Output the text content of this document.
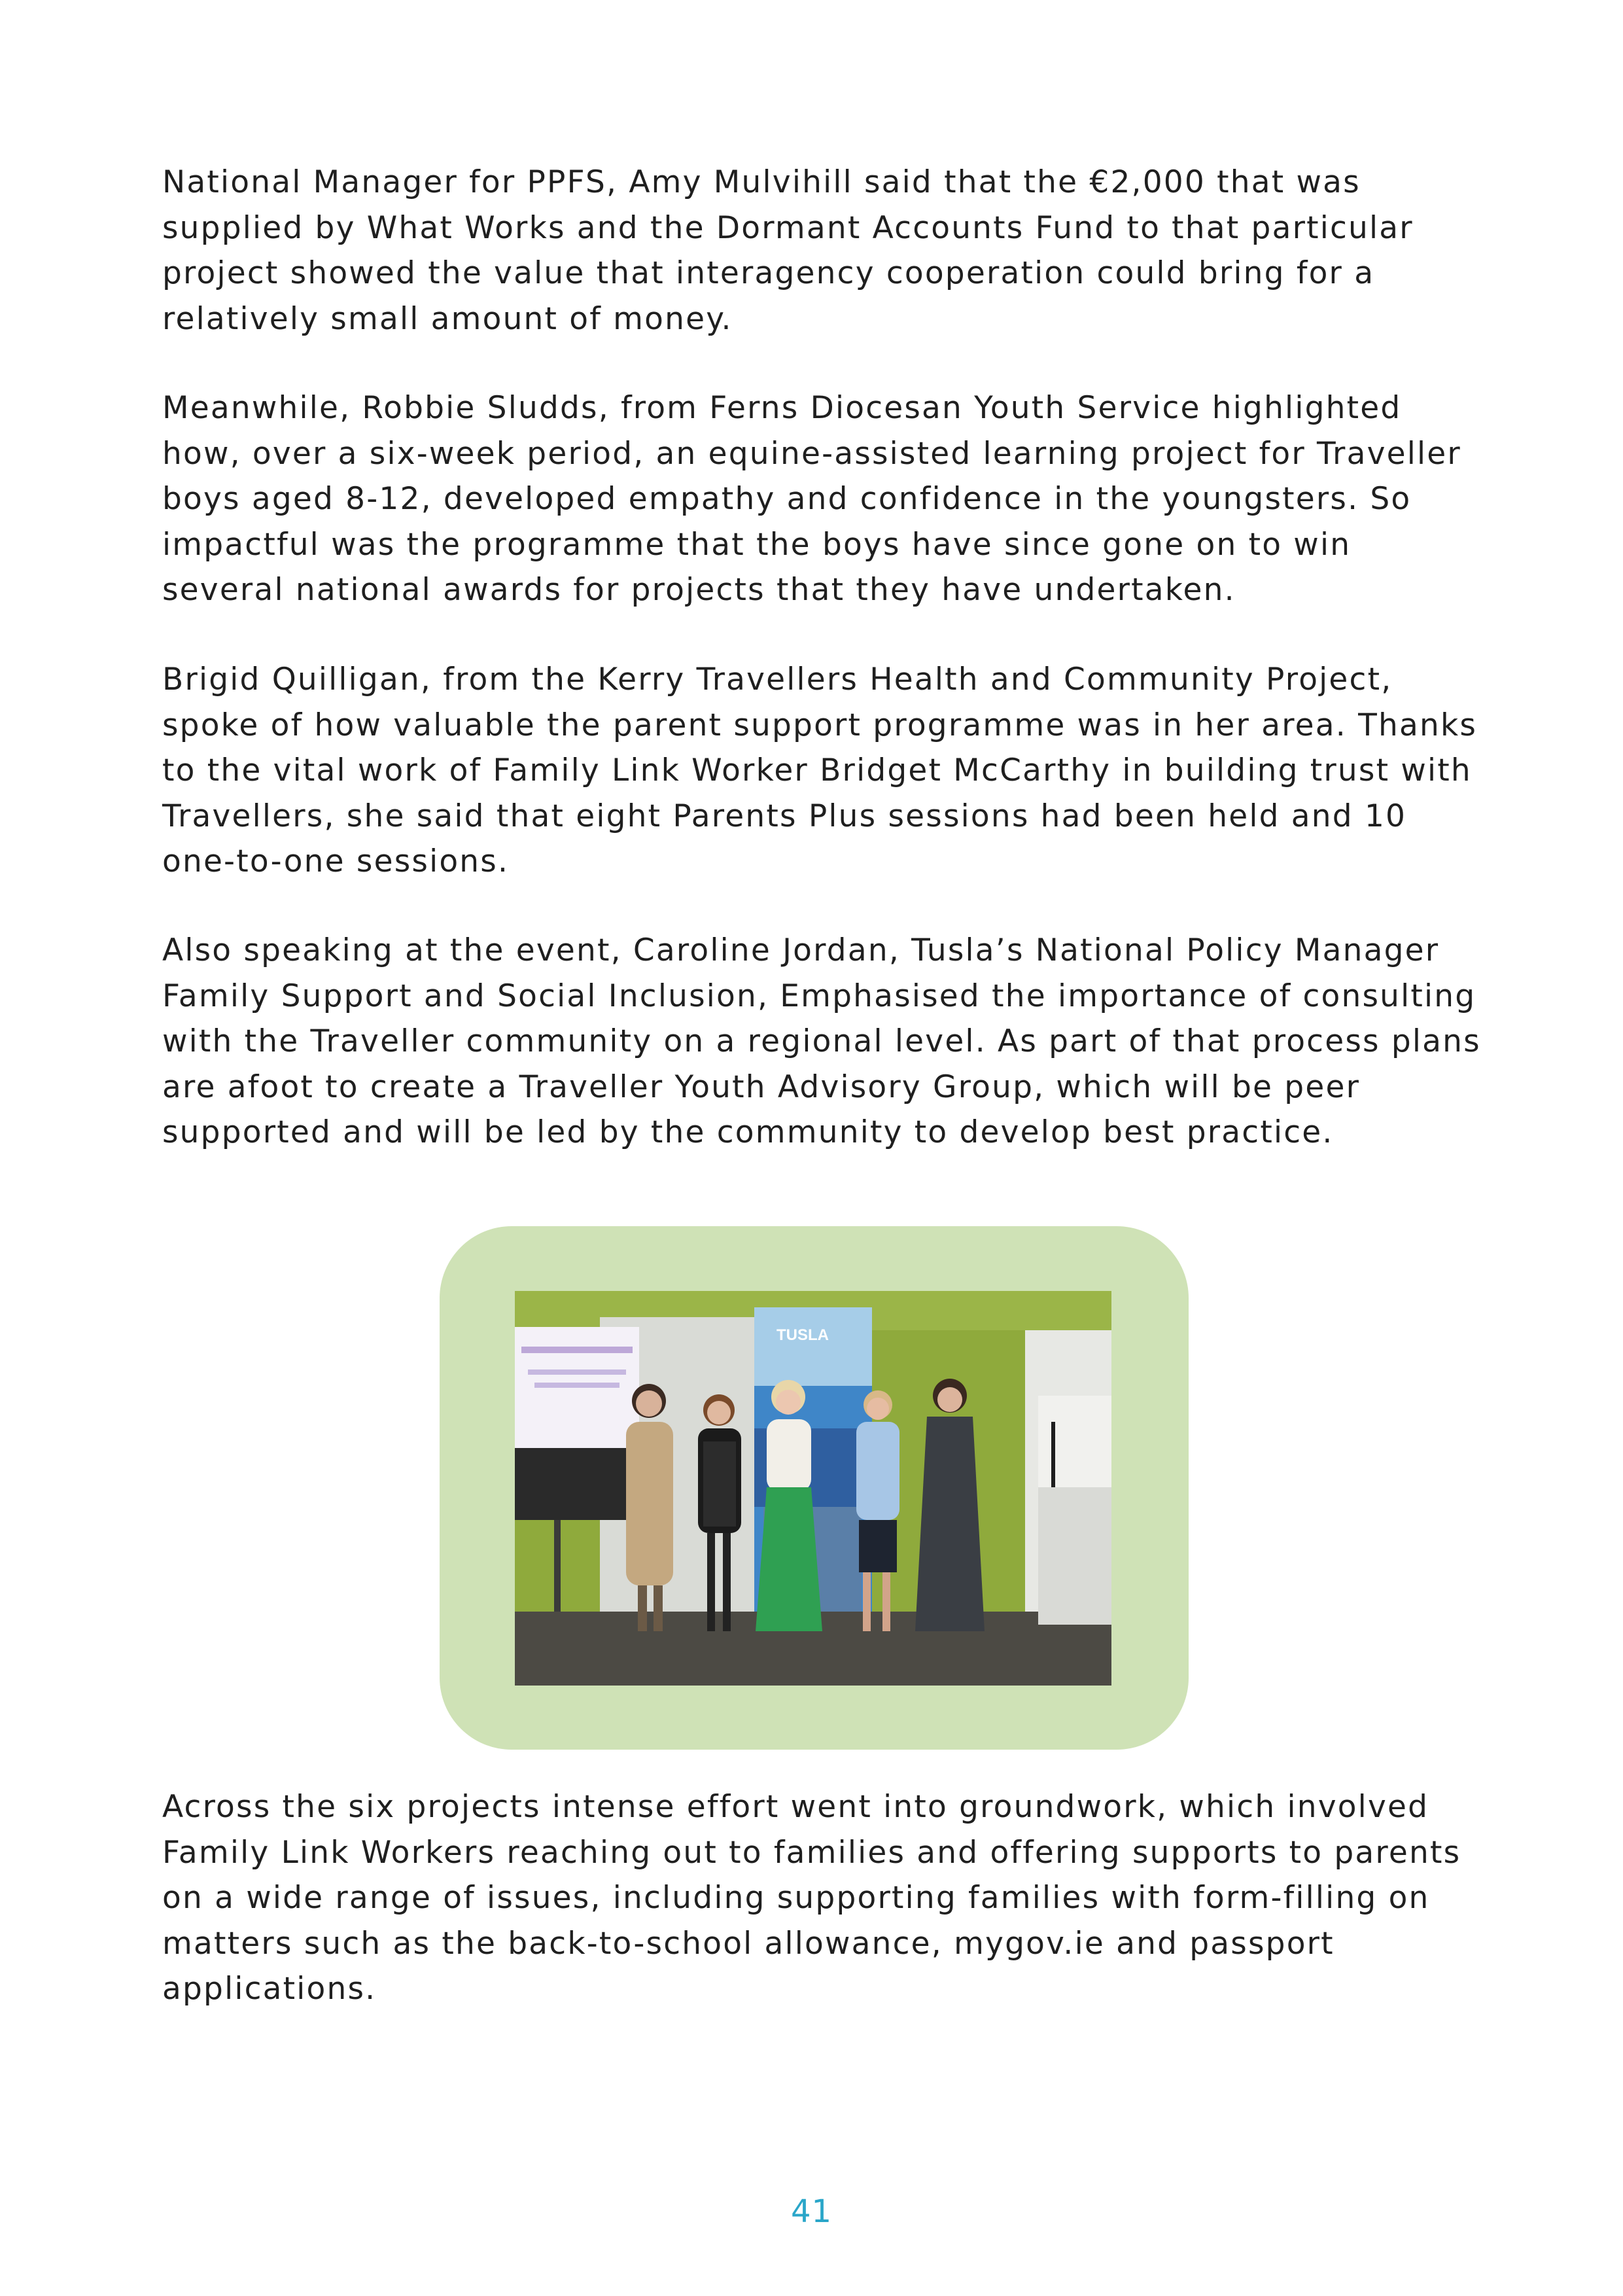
National Manager for PPFS, Amy Mulvihill said that the €2,000 that was supplied by What Works and the Dormant Accounts Fund to that particular project showed the value that interagency cooperation could bring for a relatively small amount of money.

Meanwhile, Robbie Sludds, from Ferns Diocesan Youth Service highlighted how, over a six-week period, an equine-assisted learning project for Traveller boys aged 8-12, developed empathy and confidence in the youngsters. So impactful was the programme that the boys have since gone on to win several national awards for projects that they have undertaken.

Brigid Quilligan, from the Kerry Travellers Health and Community Project, spoke of how valuable the parent support programme was in her area. Thanks to the vital work of Family Link Worker Bridget McCarthy in building trust with Travellers, she said that eight Parents Plus sessions had been held and 10 one-to-one sessions.

Also speaking at the event, Caroline Jordan, Tusla’s National Policy Manager Family Support and Social Inclusion, Emphasised the importance of consulting with the Traveller community on a regional level. As part of that process plans are afoot to create a Traveller Youth Advisory Group, which will be peer supported and will be led by the community to develop best practice.

TUSLA

Across the six projects intense effort went into groundwork, which involved Family Link Workers reaching out to families and offering supports to parents on a wide range of issues, including supporting families with form-filling on matters such as the back-to-school allowance, mygov.ie and passport applications.

41
